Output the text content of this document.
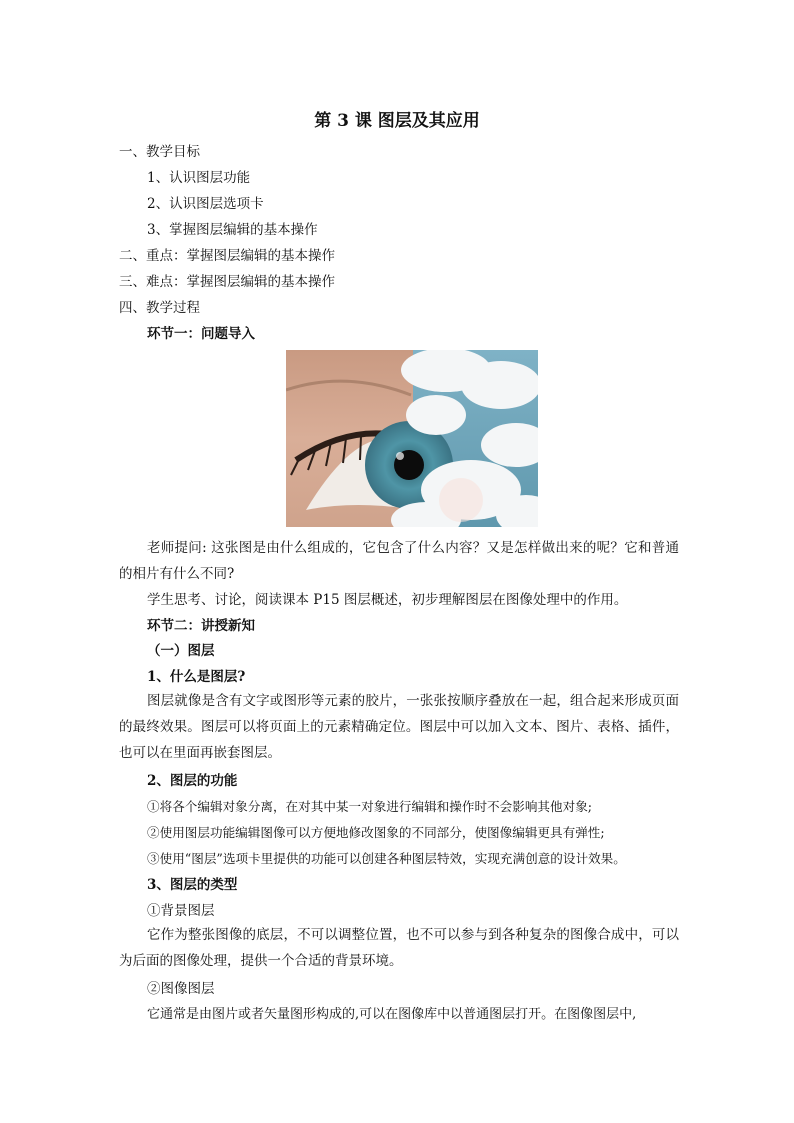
第 3 课 图层及其应用
一、教学目标
1、认识图层功能
2、认识图层选项卡
3、掌握图层编辑的基本操作
二、重点：掌握图层编辑的基本操作
三、难点：掌握图层编辑的基本操作
四、教学过程
环节一：问题导入
老师提问: 这张图是由什么组成的，它包含了什么内容？又是怎样做出来的呢？它和普通的相片有什么不同?
学生思考、讨论，阅读课本 P15 图层概述，初步理解图层在图像处理中的作用。
环节二：讲授新知
（一）图层
1、什么是图层?
图层就像是含有文字或图形等元素的胶片，一张张按顺序叠放在一起，组合起来形成页面的最终效果。图层可以将页面上的元素精确定位。图层中可以加入文本、图片、表格、插件，也可以在里面再嵌套图层。
2、图层的功能
①将各个编辑对象分离，在对其中某一对象进行编辑和操作时不会影响其他对象;
②使用图层功能编辑图像可以方便地修改图象的不同部分，使图像编辑更具有弹性;
③使用“图层”选项卡里提供的功能可以创建各种图层特效，实现充满创意的设计效果。
3、图层的类型
①背景图层
它作为整张图像的底层，不可以调整位置，也不可以参与到各种复杂的图像合成中，可以为后面的图像处理，提供一个合适的背景环境。
②图像图层
它通常是由图片或者矢量图形构成的,可以在图像库中以普通图层打开。在图像图层中,
